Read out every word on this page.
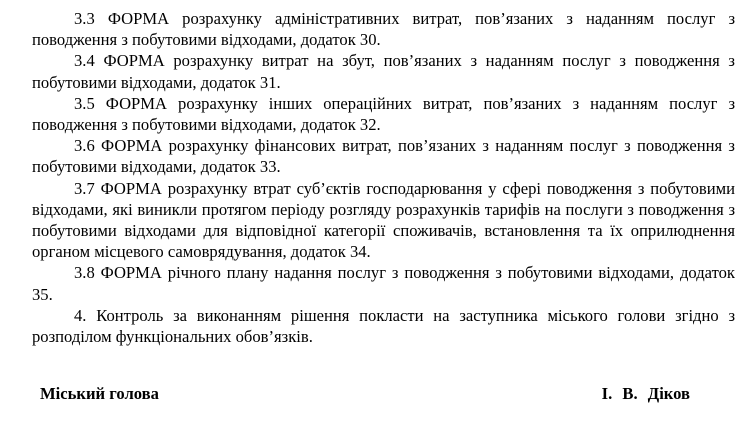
3.3 ФОРМА розрахунку адміністративних витрат, пов’язаних з наданням послуг з поводження з побутовими відходами, додаток 30.

3.4 ФОРМА розрахунку витрат на збут, пов’язаних з наданням послуг з поводження з побутовими відходами, додаток 31.

3.5 ФОРМА розрахунку інших операційних витрат, пов’язаних з наданням послуг з поводження з побутовими відходами, додаток 32.

3.6 ФОРМА розрахунку фінансових витрат, пов’язаних з наданням послуг з поводження з побутовими відходами, додаток 33.

3.7 ФОРМА розрахунку втрат суб’єктів господарювання у сфері поводження з побутовими відходами, які виникли протягом періоду розгляду розрахунків тарифів на послуги з поводження з побутовими відходами для відповідної категорії споживачів, встановлення та їх оприлюднення органом місцевого самоврядування, додаток 34.

3.8 ФОРМА річного плану надання послуг з поводження з побутовими відходами, додаток 35.

4. Контроль за виконанням рішення покласти на заступника міського голови згідно з розподілом функціональних обов’язків.

Міський голова	І. В. Діков
